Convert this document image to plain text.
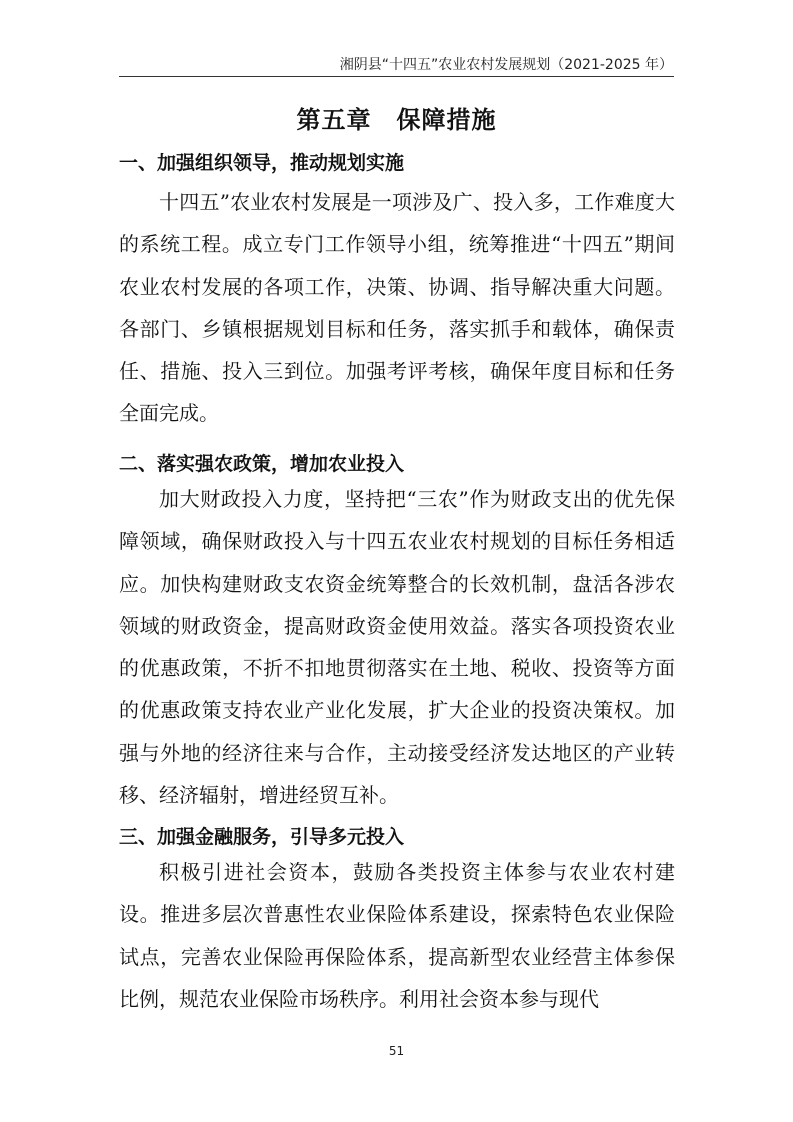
湘阴县“十四五”农业农村发展规划（2021-2025 年）
第五章　保障措施
一、加强组织领导，推动规划实施

十四五”农业农村发展是一项涉及广、投入多，工作难度大的系统工程。成立专门工作领导小组，统筹推进“十四五”期间农业农村发展的各项工作，决策、协调、指导解决重大问题。各部门、乡镇根据规划目标和任务，落实抓手和载体，确保责任、措施、投入三到位。加强考评考核，确保年度目标和任务全面完成。

二、落实强农政策，增加农业投入

加大财政投入力度，坚持把“三农”作为财政支出的优先保障领域，确保财政投入与十四五农业农村规划的目标任务相适应。加快构建财政支农资金统筹整合的长效机制，盘活各涉农领域的财政资金，提高财政资金使用效益。落实各项投资农业的优惠政策，不折不扣地贯彻落实在土地、税收、投资等方面的优惠政策支持农业产业化发展，扩大企业的投资决策权。加强与外地的经济往来与合作，主动接受经济发达地区的产业转移、经济辐射，增进经贸互补。

三、加强金融服务，引导多元投入

积极引进社会资本，鼓励各类投资主体参与农业农村建设。推进多层次普惠性农业保险体系建设，探索特色农业保险试点，完善农业保险再保险体系，提高新型农业经营主体参保比例，规范农业保险市场秩序。利用社会资本参与现代

51
